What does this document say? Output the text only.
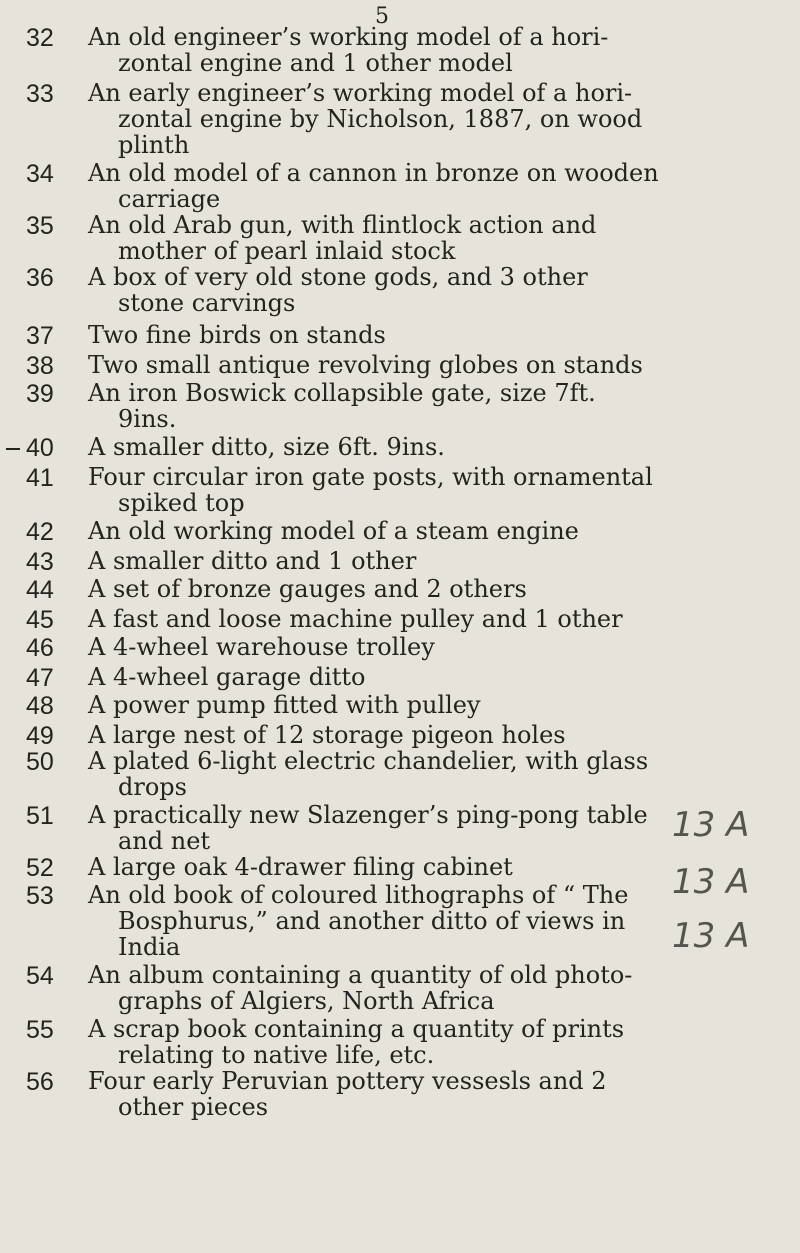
5
32	An old engineer’s working model of a hori-
zontal engine and 1 other model
33	An early engineer’s working model of a hori-
zontal engine by Nicholson, 1887, on wood
plinth
34	An old model of a cannon in bronze on wooden
carriage
35	An old Arab gun, with flintlock action and
mother of pearl inlaid stock
36	A box of very old stone gods, and 3 other
stone carvings
37	Two fine birds on stands
38	Two small antique revolving globes on stands
39	An iron Boswick collapsible gate, size 7ft.
9ins.
40	A smaller ditto, size 6ft. 9ins.
41	Four circular iron gate posts, with ornamental
spiked top
42	An old working model of a steam engine
43	A smaller ditto and 1 other
44	A set of bronze gauges and 2 others
45	A fast and loose machine pulley and 1 other
46	A 4-wheel warehouse trolley
47	A 4-wheel garage ditto
48	A power pump fitted with pulley
49	A large nest of 12 storage pigeon holes
50	A plated 6-light electric chandelier, with glass
drops
51	A practically new Slazenger’s ping-pong table
and net
52	A large oak 4-drawer filing cabinet
53	An old book of coloured lithographs of “ The
Bosphurus,” and another ditto of views in
India
54	An album containing a quantity of old photo-
graphs of Algiers, North Africa
55	A scrap book containing a quantity of prints
relating to native life, etc.
56	Four early Peruvian pottery vessesls and 2
other pieces
13 A
13 A
13 A
